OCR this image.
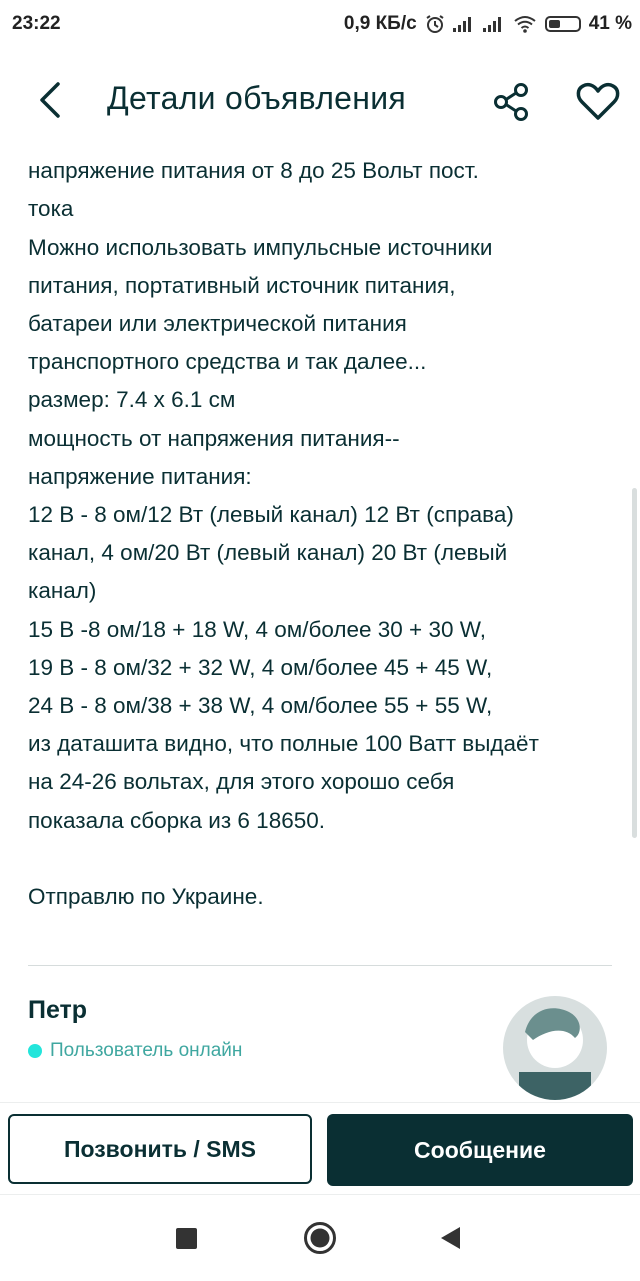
23:22	0,9 КБ/с	41 %
Детали объявления

напряжение питания от 8 до 25 Вольт пост.
тока
Можно использовать импульсные источники
питания, портативный источник питания,
батареи или электрической питания
транспортного средства и так далее...
размер: 7.4 х 6.1 см
мощность от напряжения питания--
напряжение питания:
12 В - 8 ом/12 Вт (левый канал) 12 Вт (справа)
канал, 4 ом/20 Вт (левый канал) 20 Вт (левый
канал)
15 В -8 ом/18 + 18 W, 4 ом/более 30 + 30 W,
19 В - 8 ом/32 + 32 W, 4 ом/более 45 + 45 W,
24 В - 8 ом/38 + 38 W, 4 ом/более 55 + 55 W,
из даташита видно, что полные 100 Ватт выдаёт
на 24-26 вольтах, для этого хорошо себя
показала сборка из 6 18650.

Отправлю по Украине.

Петр
Пользователь онлайн
Позвонить / SMS	Сообщение
